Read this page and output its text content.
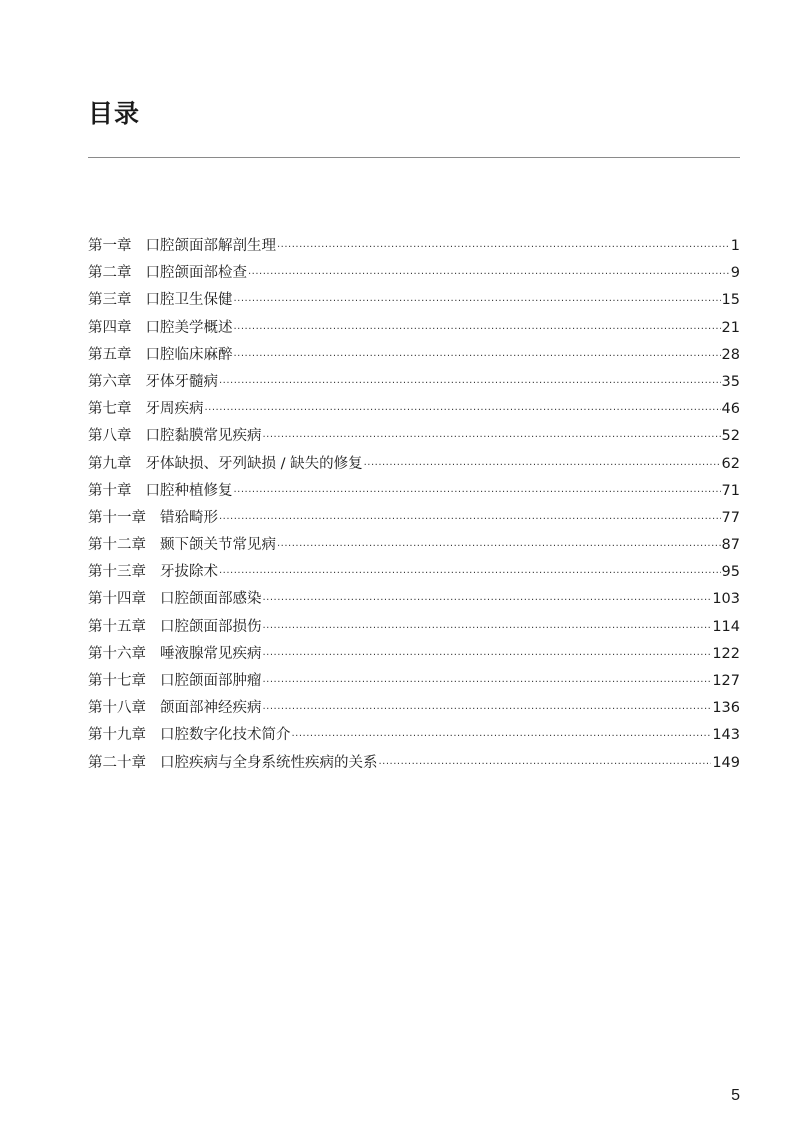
目录
第一章 口腔颌面部解剖生理 ·····	1
第二章 口腔颌面部检查 ·····	9
第三章 口腔卫生保健 ·····	15
第四章 口腔美学概述 ·····	21
第五章 口腔临床麻醉 ·····	28
第六章 牙体牙髓病 ·····	35
第七章 牙周疾病 ·····	46
第八章 口腔黏膜常见疾病 ·····	52
第九章 牙体缺损、牙列缺损 / 缺失的修复 ·····	62
第十章 口腔种植修复 ·····	71
第十一章 错𬌗畸形 ·····	77
第十二章 颞下颌关节常见病 ·····	87
第十三章 牙拔除术 ·····	95
第十四章 口腔颌面部感染 ·····	103
第十五章 口腔颌面部损伤 ·····	114
第十六章 唾液腺常见疾病 ·····	122
第十七章 口腔颌面部肿瘤 ·····	127
第十八章 颌面部神经疾病 ·····	136
第十九章 口腔数字化技术简介 ·····	143
第二十章 口腔疾病与全身系统性疾病的关系 ·····	149
5
